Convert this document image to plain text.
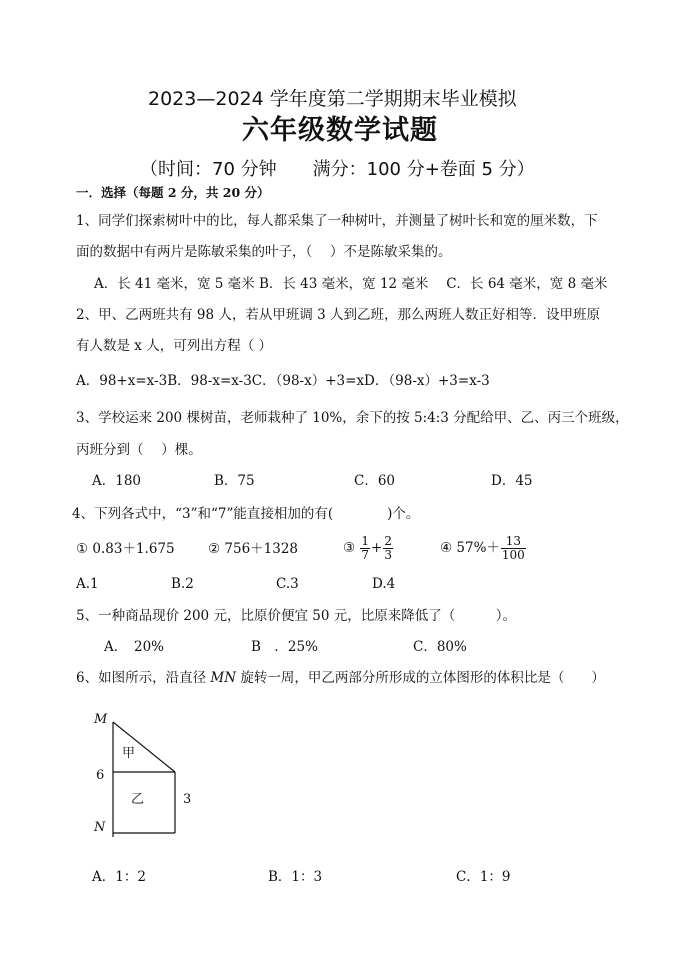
2023—2024 学年度第二学期期末毕业模拟
六年级数学试题
（时间：70 分钟　　满分：100 分+卷面 5 分）
一．选择（每题 2 分，共 20 分）
1、同学们探索树叶中的比，每人都采集了一种树叶，并测量了树叶长和宽的厘米数，下
面的数据中有两片是陈敏采集的叶子，（　 ）不是陈敏采集的。
A．长 41 毫米，宽 5 毫米 B．长 43 毫米，宽 12 毫米　 C．长 64 毫米，宽 8 毫米
2、甲、乙两班共有 98 人，若从甲班调 3 人到乙班，那么两班人数正好相等．设甲班原
有人数是 x 人，可列出方程（ ）
A．98+x=x-3B．98-x=x-3C．（98-x）+3=xD．（98-x）+3=x-3
3、学校运来 200 棵树苗，老师栽种了 10%，余下的按 5:4:3 分配给甲、乙、丙三个班级，
丙班分到（　 ）棵。
A．180	B．75	C．60	D．45
4、下列各式中，“3”和“7”能直接相加的有(　　　　)个。
① 0.83＋1.675 ② 756＋1328	③ $\frac{1}{7} + \frac{2}{3}$	④ $57\%+ \frac{13}{100}$
A.1	B.2	C.3	D.4
5、一种商品现价 200 元，比原价便宜 50 元，比原来降低了（　　　）。
A．　20%	B　．25%	C．80%
6、如图所示，沿直径 MN 旋转一周，甲乙两部分所形成的立体图形的体积比是（　　）
M
甲
6
乙	3
N
A．1：2	B．1：3	C．1：9
